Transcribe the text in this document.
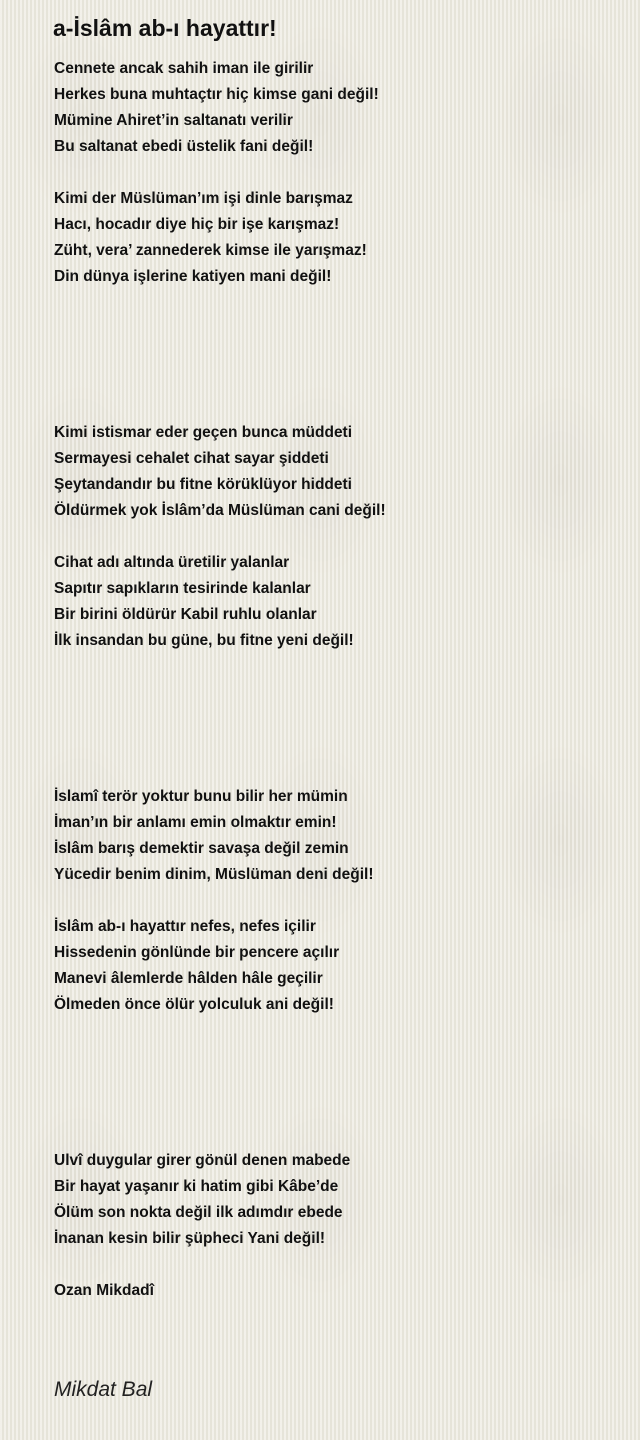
a-İslâm ab-ı hayattır!
Cennete ancak sahih iman ile girilir
Herkes buna muhtaçtır hiç kimse gani değil!
Mümine Ahiret’in saltanatı verilir
Bu saltanat ebedi üstelik fani değil!
Kimi der Müslüman’ım işi dinle barışmaz
Hacı, hocadır diye hiç bir işe karışmaz!
Züht, vera’ zannederek kimse ile yarışmaz!
Din dünya işlerine katiyen mani değil!
Kimi istismar eder geçen bunca müddeti
Sermayesi cehalet cihat sayar şiddeti
Şeytandandır bu fitne körüklüyor hiddeti
Öldürmek yok İslâm’da Müslüman cani değil!
Cihat adı altında üretilir yalanlar
Sapıtır sapıkların tesirinde kalanlar
Bir birini öldürür Kabil ruhlu olanlar
İlk insandan bu güne, bu fitne yeni değil!
İslamî terör yoktur bunu bilir her mümin
İman’ın bir anlamı emin olmaktır emin!
İslâm barış demektir savaşa değil zemin
Yücedir benim dinim, Müslüman deni değil!
İslâm ab-ı hayattır nefes, nefes içilir
Hissedenin gönlünde bir pencere açılır
Manevi âlemlerde hâlden hâle geçilir
Ölmeden önce ölür yolculuk ani değil!
Ulvî duygular girer gönül denen mabede
Bir hayat yaşanır ki hatim gibi Kâbe’de
Ölüm son nokta değil ilk adımdır ebede
İnanan kesin bilir şüpheci Yani değil!
Ozan Mikdadî
Mikdat Bal
